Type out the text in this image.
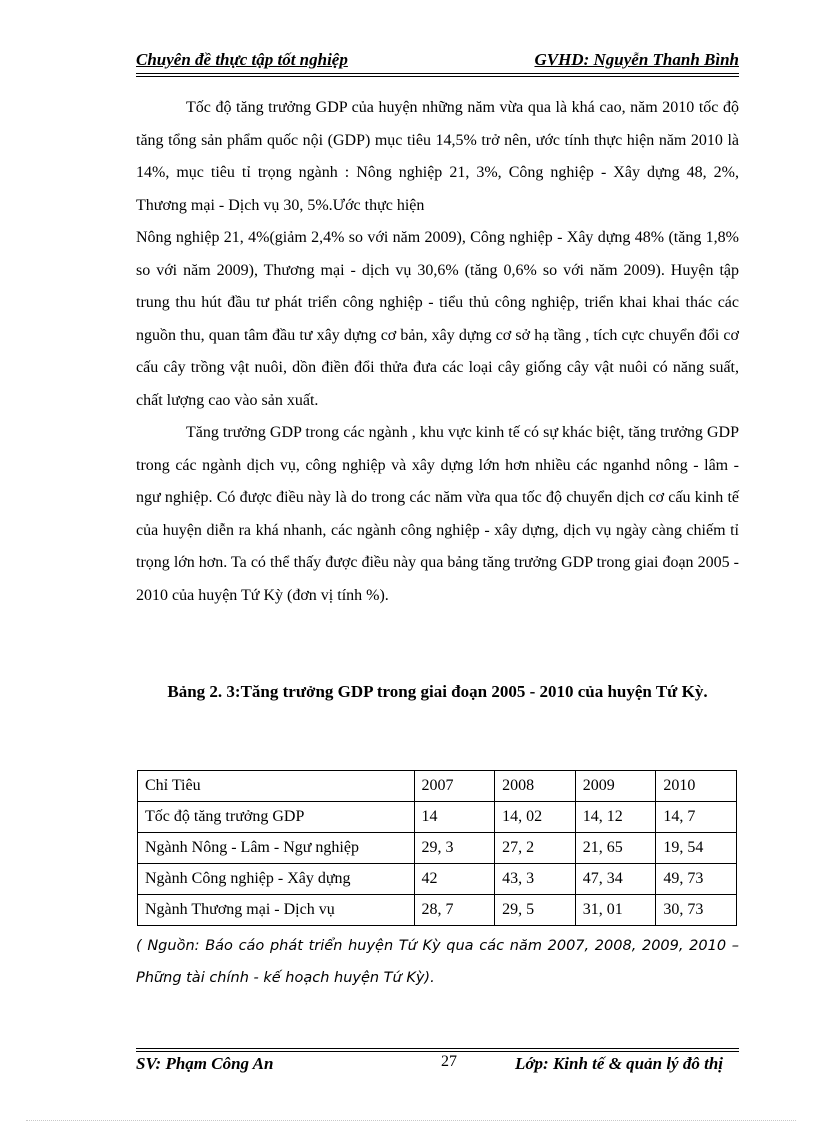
Chuyên đề thực tập tốt nghiệp	GVHD: Nguyễn Thanh Bình

Tốc độ tăng trưởng GDP của huyện những năm vừa qua là khá cao, năm 2010 tốc độ tăng tổng sản phẩm quốc nội (GDP) mục tiêu 14,5% trở nên, ước tính thực hiện năm 2010 là 14%, mục tiêu tỉ trọng ngành : Nông nghiệp 21, 3%, Công nghiệp - Xây dựng 48, 2%, Thương mại - Dịch vụ 30, 5%.Ước thực hiện

Nông nghiệp 21, 4%(giảm 2,4% so với năm 2009), Công nghiệp - Xây dựng 48% (tăng 1,8% so với năm 2009), Thương mại - dịch vụ 30,6% (tăng 0,6% so với năm 2009). Huyện tập trung thu hút đầu tư phát triển công nghiệp - tiểu thủ công nghiệp, triển khai khai thác các nguồn thu, quan tâm đầu tư xây dựng cơ bản, xây dựng cơ sở hạ tầng , tích cực chuyển đổi cơ cấu cây trồng vật nuôi, dồn điền đổi thửa đưa các loại cây giống cây vật nuôi có năng suất, chất lượng cao vào sản xuất.

Tăng trưởng GDP trong các ngành , khu vực kinh tế có sự khác biệt, tăng trưởng GDP trong các ngành dịch vụ, công nghiệp và xây dựng lớn hơn nhiều các nganhd nông - lâm - ngư nghiệp. Có được điều này là do trong các năm vừa qua tốc độ chuyển dịch cơ cấu kinh tế của huyện diễn ra khá nhanh, các ngành công nghiệp - xây dựng, dịch vụ ngày càng chiếm tỉ trọng lớn hơn. Ta có thể thấy được điều này qua bảng tăng trưởng GDP trong giai đoạn 2005 - 2010 của huyện Tứ Kỳ (đơn vị tính %).

Bảng 2. 3:Tăng trưởng GDP trong giai đoạn 2005 - 2010 của huyện Tứ Kỳ.
Chỉ Tiêu	2007	2008	2009	2010
Tốc độ tăng trưởng GDP	14	14, 02	14, 12	14, 7
Ngành Nông - Lâm - Ngư nghiệp	29, 3	27, 2	21, 65	19, 54
Ngành Công nghiệp - Xây dựng	42	43, 3	47, 34	49, 73
Ngành Thương mại - Dịch vụ	28, 7	29, 5	31, 01	30, 73
( Nguồn: Báo cáo phát triển huyện Tứ Kỳ qua các năm 2007, 2008, 2009, 2010 –Phững tài chính - kế hoạch huyện Tứ Kỳ).
SV: Phạm Công An	27	Lớp: Kinh tế & quản lý đô thị
